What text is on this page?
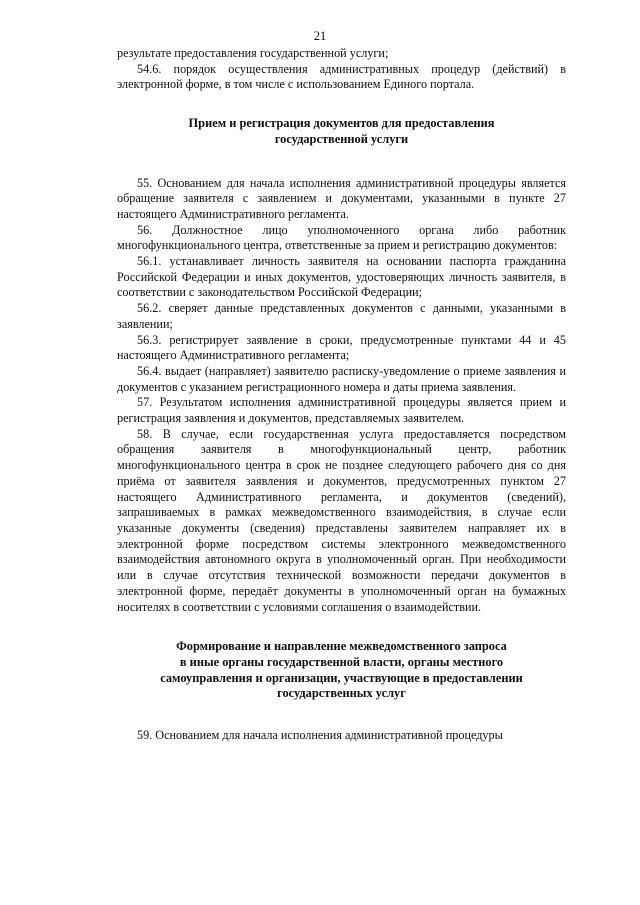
21

результате предоставления государственной услуги;

54.6. порядок осуществления административных процедур (действий) в электронной форме, в том числе с использованием Единого портала.

Прием и регистрация документов для предоставления
государственной услуги

55. Основанием для начала исполнения административной процедуры является обращение заявителя с заявлением и документами, указанными в пункте 27 настоящего Административного регламента.

56. Должностное лицо уполномоченного органа либо работник многофункционального центра, ответственные за прием и регистрацию документов:

56.1. устанавливает личность заявителя на основании паспорта гражданина Российской Федерации и иных документов, удостоверяющих личность заявителя, в соответствии с законодательством Российской Федерации;

56.2. сверяет данные представленных документов с данными, указанными в заявлении;

56.3. регистрирует заявление в сроки, предусмотренные пунктами 44 и 45 настоящего Административного регламента;

56.4. выдает (направляет) заявителю расписку-уведомление о приеме заявления и документов с указанием регистрационного номера и даты приема заявления.

57. Результатом исполнения административной процедуры является прием и регистрация заявления и документов, представляемых заявителем.

58. В случае, если государственная услуга предоставляется посредством обращения заявителя в многофункциональный центр, работник многофункционального центра в срок не позднее следующего рабочего дня со дня приёма от заявителя заявления и документов, предусмотренных пунктом 27 настоящего Административного регламента, и документов (сведений), запрашиваемых в рамках межведомственного взаимодействия, в случае если указанные документы (сведения) представлены заявителем направляет их в электронной форме посредством системы электронного межведомственного взаимодействия автономного округа в уполномоченный орган. При необходимости или в случае отсутствия технической возможности передачи документов в электронной форме, передаёт документы в уполномоченный орган на бумажных носителях в соответствии с условиями соглашения о взаимодействии.

Формирование и направление межведомственного запроса
в иные органы государственной власти, органы местного
самоуправления и организации, участвующие в предоставлении
государственных услуг

59. Основанием для начала исполнения административной процедуры
